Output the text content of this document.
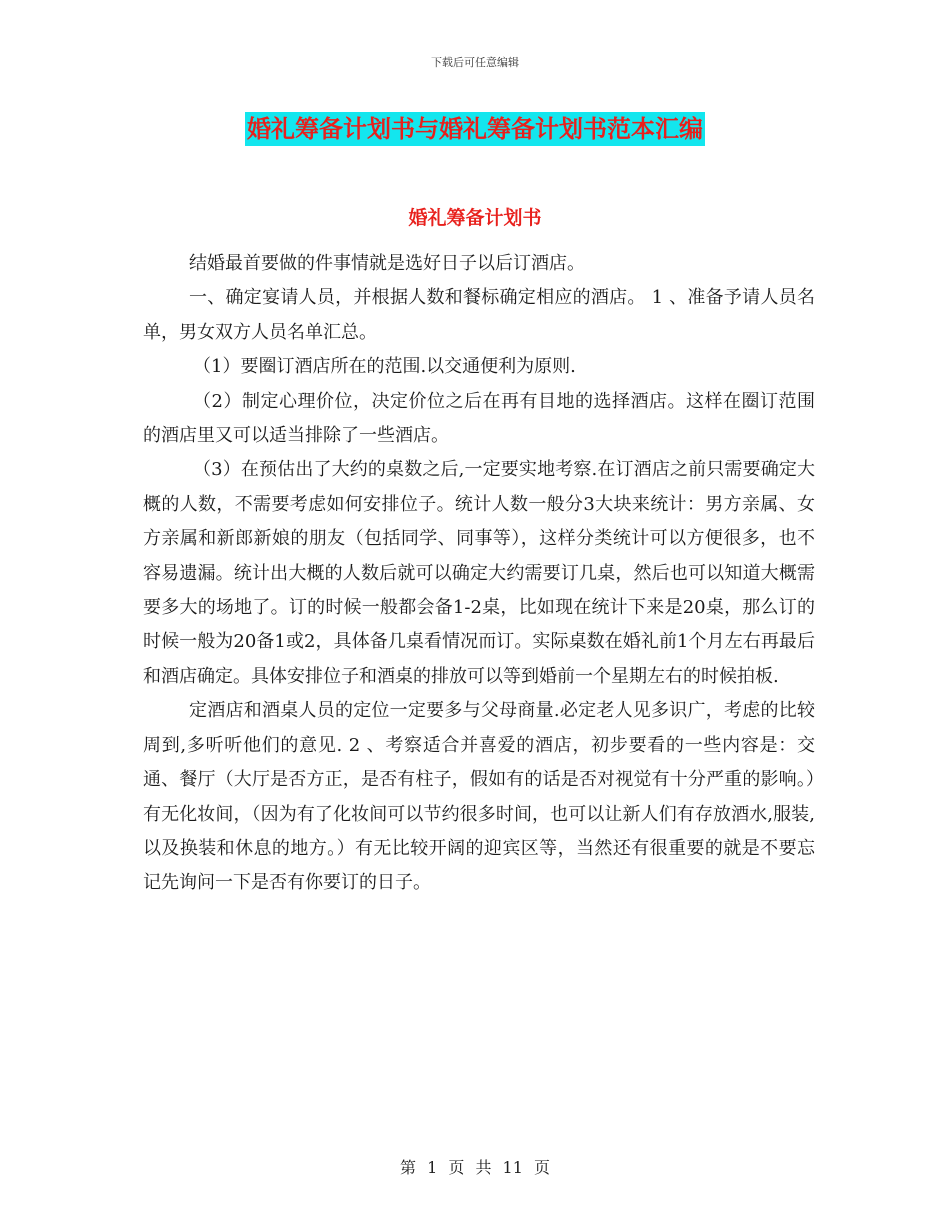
下载后可任意编辑
婚礼筹备计划书与婚礼筹备计划书范本汇编
婚礼筹备计划书

结婚最首要做的件事情就是选好日子以后订酒店。

一、确定宴请人员，并根据人数和餐标确定相应的酒店。 1 、准备予请人员名单，男女双方人员名单汇总。

（1）要圈订酒店所在的范围.以交通便利为原则.

（2）制定心理价位，决定价位之后在再有目地的选择酒店。这样在圈订范围的酒店里又可以适当排除了一些酒店。

（3）在预估出了大约的桌数之后,一定要实地考察.在订酒店之前只需要确定大概的人数，不需要考虑如何安排位子。统计人数一般分3大块来统计：男方亲属、女方亲属和新郎新娘的朋友（包括同学、同事等），这样分类统计可以方便很多，也不容易遗漏。统计出大概的人数后就可以确定大约需要订几桌，然后也可以知道大概需要多大的场地了。订的时候一般都会备1-2桌，比如现在统计下来是20桌，那么订的时候一般为20备1或2，具体备几桌看情况而订。实际桌数在婚礼前1个月左右再最后和酒店确定。具体安排位子和酒桌的排放可以等到婚前一个星期左右的时候拍板.

定酒店和酒桌人员的定位一定要多与父母商量.必定老人见多识广，考虑的比较周到,多听听他们的意见. 2 、考察适合并喜爱的酒店，初步要看的一些内容是：交通、餐厅（大厅是否方正，是否有柱子，假如有的话是否对视觉有十分严重的影响。）有无化妆间，（因为有了化妆间可以节约很多时间，也可以让新人们有存放酒水,服装,以及换装和休息的地方。）有无比较开阔的迎宾区等，当然还有很重要的就是不要忘记先询问一下是否有你要订的日子。

第 1 页 共 11 页
